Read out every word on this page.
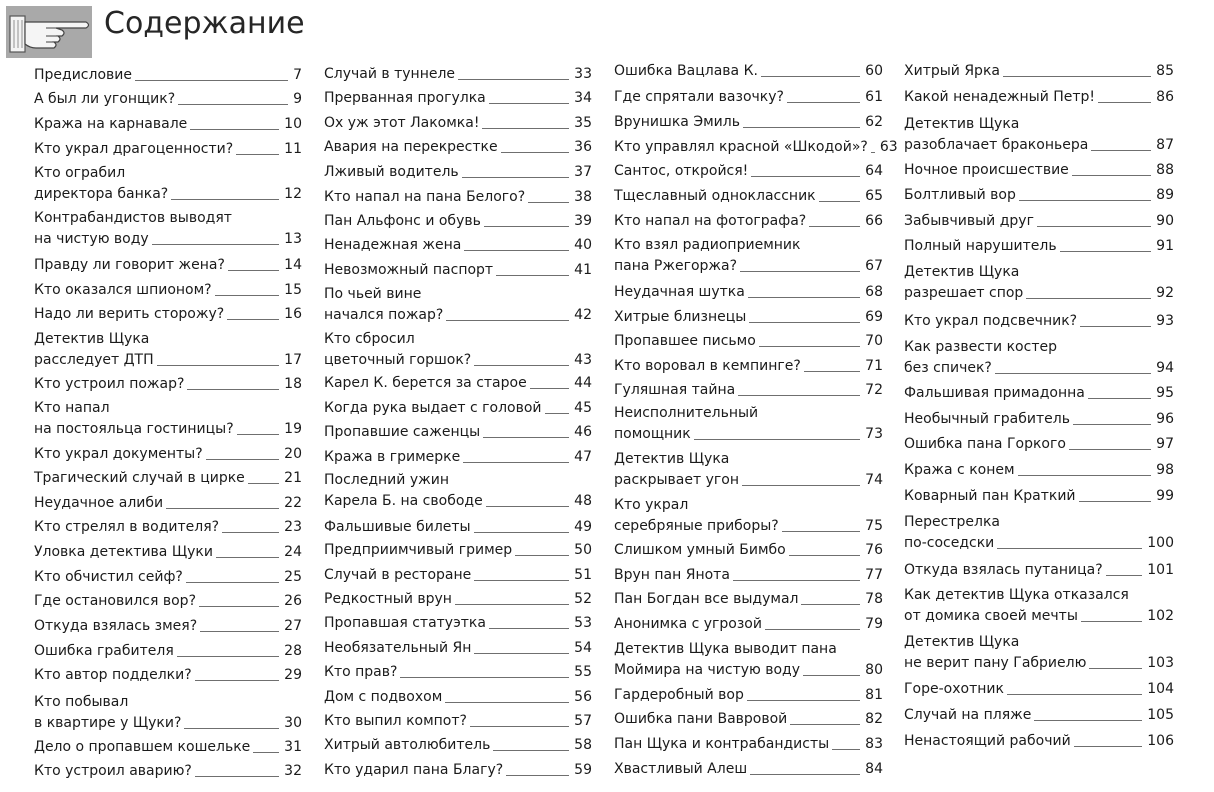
Содержание
Предисловие	7
А был ли угонщик?	9
Кража на карнавале	10
Кто украл драгоценности?	11
Кто ограбил
директора банка?	12
Контрабандистов выводят
на чистую воду	13
Правду ли говорит жена?	14
Кто оказался шпионом?	15
Надо ли верить сторожу?	16
Детектив Щука
расследует ДТП	17
Кто устроил пожар?	18
Кто напал
на постояльца гостиницы?	19
Кто украл документы?	20
Трагический случай в цирке	21
Неудачное алиби	22
Кто стрелял в водителя?	23
Уловка детектива Щуки	24
Кто обчистил сейф?	25
Где остановился вор?	26
Откуда взялась змея?	27
Ошибка грабителя	28
Кто автор подделки?	29
Кто побывал
в квартире у Щуки?	30
Дело о пропавшем кошельке 31
Кто устроил аварию?	32
Случай в туннеле	33
Прерванная прогулка	34
Ох уж этот Лакомка!	35
Авария на перекрестке	36
Лживый водитель	37
Кто напал на пана Белого?	38
Пан Альфонс и обувь	39
Ненадежная жена	40
Невозможный паспорт	41
По чьей вине
начался пожар?	42
Кто сбросил
цветочный горшок?	43
Карел К. берется за старое	44
Когда рука выдает с головой 45
Пропавшие саженцы	46
Кража в гримерке	47
Последний ужин
Карела Б. на свободе	48
Фальшивые билеты	49
Предприимчивый гример	50
Случай в ресторане	51
Редкостный врун	52
Пропавшая статуэтка	53
Необязательный Ян	54
Кто прав?	55
Дом с подвохом	56
Кто выпил компот?	57
Хитрый автолюбитель	58
Кто ударил пана Благу?	59
Ошибка Вацлава К.	60
Где спрятали вазочку?	61
Врунишка Эмиль	62
Кто управлял красной «Шкодой»? 63
Сантос, откройся!	64
Тщеславный одноклассник	65
Кто напал на фотографа?	66
Кто взял радиоприемник
пана Ржегоржа?	67
Неудачная шутка	68
Хитрые близнецы	69
Пропавшее письмо	70
Кто воровал в кемпинге?	71
Гуляшная тайна	72
Неисполнительный
помощник	73
Детектив Щука
раскрывает угон	74
Кто украл
серебряные приборы?	75
Слишком умный Бимбо	76
Врун пан Янота	77
Пан Богдан все выдумал	78
Анонимка с угрозой	79
Детектив Щука выводит пана
Моймира на чистую воду	80
Гардеробный вор	81
Ошибка пани Вавровой	82
Пан Щука и контрабандисты	83
Хвастливый Алеш	84
Хитрый Ярка	85
Какой ненадежный Петр!	86
Детектив Щука
разоблачает браконьера	87
Ночное происшествие	88
Болтливый вор	89
Забывчивый друг	90
Полный нарушитель	91
Детектив Щука
разрешает спор	92
Кто украл подсвечник?	93
Как развести костер
без спичек?	94
Фальшивая примадонна	95
Необычный грабитель	96
Ошибка пана Горкого	97
Кража с конем	98
Коварный пан Краткий	99
Перестрелка
по-соседски	100
Откуда взялась путаница?	101
Как детектив Щука отказался
от домика своей мечты	102
Детектив Щука
не верит пану Габриелю	103
Горе-охотник	104
Случай на пляже	105
Ненастоящий рабочий	106
